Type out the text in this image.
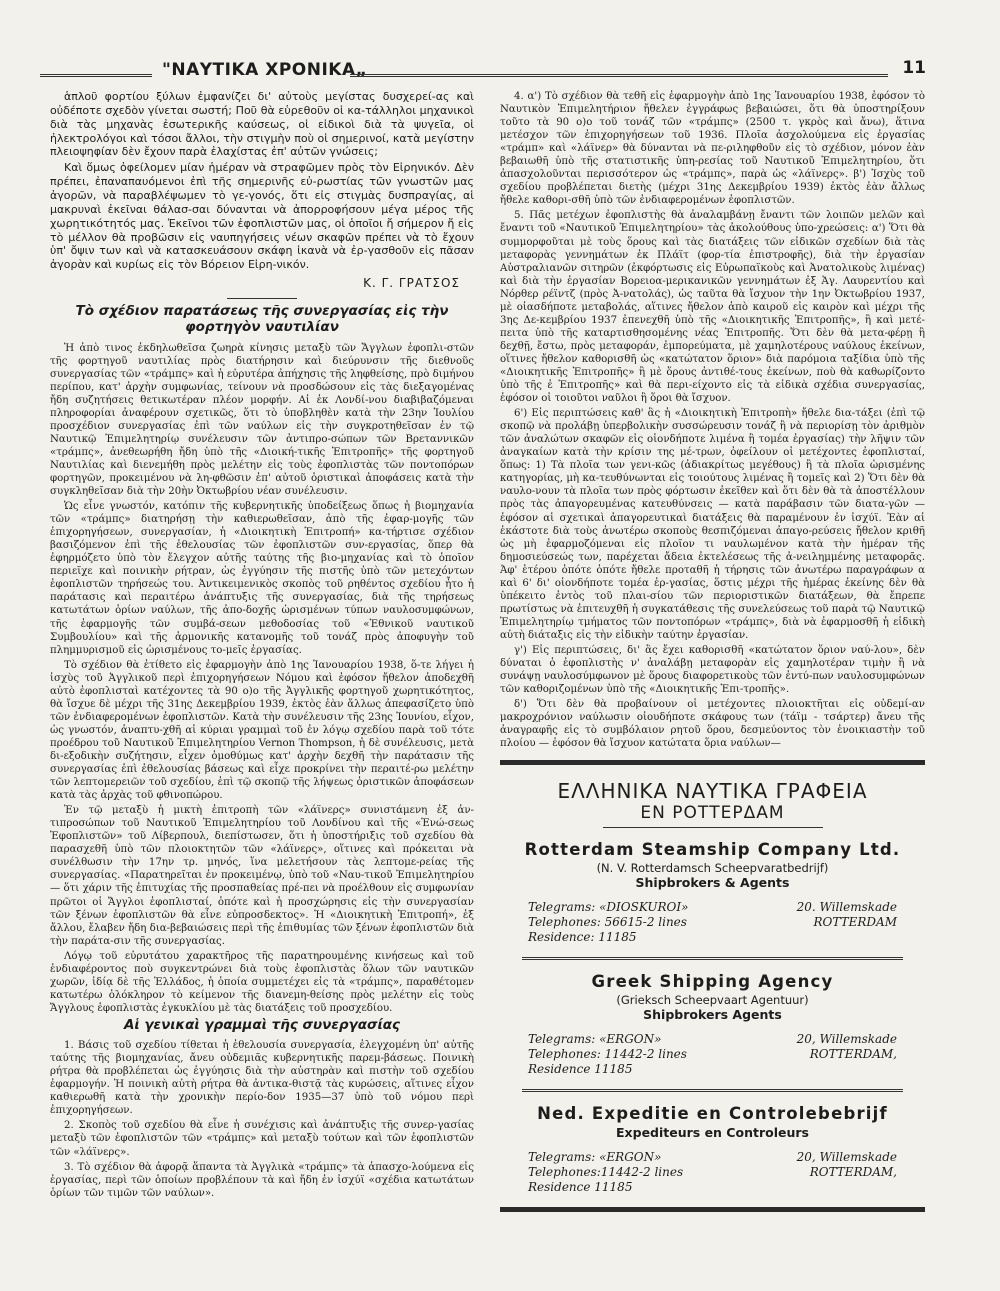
"ΝΑΥΤΙΚΑ ΧΡΟΝΙΚΑ„	11

ἁπλοῦ φορτίου ξύλων ἐμφανίζει δι' αὐτοὺς μεγίστας δυσχερεί-ας καὶ οὐδέποτε σχεδὸν γίνεται σωστή; Ποῦ θὰ εὑρεθοῦν οἱ κα-τάλληλοι μηχανικοὶ διὰ τὰς μηχανὰς ἐσωτερικῆς καύσεως, οἱ εἰδικοὶ διὰ τὰ ψυγεῖα, οἱ ἠλεκτρολόγοι καὶ τόσοι ἄλλοι, τὴν στιγμὴν ποὺ οἱ σημερινοί, κατὰ μεγίστην πλειοψηφίαν δὲν ἔχουν παρὰ ἐλαχίστας ἐπ' αὐτῶν γνώσεις;

Καὶ ὅμως ὀφείλομεν μίαν ἡμέραν νὰ στραφῶμεν πρὸς τὸν Εἰρηνικόν. Δὲν πρέπει, ἐπαναπαυόμενοι ἐπὶ τῆς σημερινῆς εὐ-ρωστίας τῶν γνωστῶν μας ἀγορῶν, νὰ παραβλέψωμεν τὸ γε-γονός, ὅτι εἰς στιγμὰς δυσπραγίας, αἱ μακρυναὶ ἐκεῖναι θάλασ-σαι δύνανται νὰ ἀπορροφήσουν μέγα μέρος τῆς χωρητικότητός μας. Ἐκεῖνοι τῶν ἐφοπλιστῶν μας, οἱ ὁποῖοι ἤ σήμερον ἤ εἰς τὸ μέλλον θὰ προβῶσιν εἰς ναυπηγήσεις νέων σκαφῶν πρέπει νὰ τὸ ἔχουν ὑπ' ὄψιν των καὶ νὰ κατασκευάσουν σκάφη ἱκανὰ νὰ ἐρ-γασθοῦν εἰς πᾶσαν ἀγορὰν καὶ κυρίως εἰς τὸν Βόρειον Εἰρη-νικόν.

Κ. Γ. ΓΡΑΤΣΟΣ
Τὸ σχέδιον παρατάσεως τῆς συνεργασίας εἰς τὴν φορτηγὸν ναυτιλίαν

Ἡ ἀπὸ τινος ἐκδηλωθεῖσα ζωηρὰ κίνησις μεταξὺ τῶν Ἄγγλων ἐφοπλι-στῶν τῆς φορτηγοῦ ναυτιλίας πρὸς διατήρησιν καὶ διεύρυνσιν τῆς διεθνοῦς συνεργασίας τῶν «τράμπς» καὶ ἡ εὐρυτέρα ἀπήχησις τῆς ληφθείσης, πρὸ διμήνου περίπου, κατ' ἀρχὴν συμφωνίας, τείνουν νὰ προσδώσουν εἰς τὰς διεξαγομένας ἤδη συζητήσεις θετικωτέραν πλέον μορφήν. Αἱ ἐκ Λονδί-νου διαβιβαζόμεναι πληροφορίαι ἀναφέρουν σχετικῶς, ὅτι τὸ ὑποβληθὲν κατὰ τὴν 23ην Ἰουλίου προσχέδιον συνεργασίας ἐπὶ τῶν ναύλων εἰς τὴν συγκροτηθεῖσαν ἐν τῷ Ναυτικῷ Ἐπιμελητηρίῳ συνέλευσιν τῶν ἀντιπρο-σώπων τῶν Βρεταννικῶν «τράμπς», ἀνεθεωρήθη ἤδη ὑπὸ τῆς «Διοική-τικῆς Ἐπιτροπῆς» τῆς φορτηγοῦ Ναυτιλίας καὶ διενεμήθη πρὸς μελέτην εἰς τοὺς ἐφοπλιστὰς τῶν ποντοπόρων φορτηγῶν, προκειμένου νὰ λη-φθῶσιν ἐπ' αὐτοῦ ὁριστικαὶ ἀποφάσεις κατὰ τὴν συγκληθεῖσαν διὰ τὴν 20ὴν Ὀκτωβρίου νέαν συνέλευσιν.

Ὡς εἶνε γνωστόν, κατόπιν τῆς κυβερνητικῆς ὑποδείξεως ὅπως ἡ βιομηχανία τῶν «τράμπς» διατηρήσῃ τὴν καθιερωθεῖσαν, ἀπὸ τῆς ἐφαρ-μογῆς τῶν ἐπιχορηγήσεων, συνεργασίαν, ἡ «Διοικητικὴ Ἐπιτροπή» κα-τήρτισε σχέδιον βασιζόμενον ἐπὶ τῆς ἐθελουσίας τῶν ἐφοπλιστῶν συν-εργασίας, ὅπερ θὰ ἐφηρμόζετο ὑπὸ τὸν ἔλεγχον αὐτῆς ταύτης τῆς βιο-μηχανίας καὶ τὸ ὁποῖον περιεῖχε καὶ ποινικὴν ρήτραν, ὡς ἐγγύησιν τῆς πιστῆς ὑπὸ τῶν μετεχόντων ἐφοπλιστῶν τηρήσεώς του. Ἀντικειμενικὸς σκοπὸς τοῦ ρηθέντος σχεδίου ἦτο ἡ παράτασις καὶ περαιτέρω ἀνάπτυξις τῆς συνεργασίας, διὰ τῆς τηρήσεως κατωτάτων ὁρίων ναύλων, τῆς ἀπο-δοχῆς ὡρισμένων τύπων ναυλοσυμφώνων, τῆς ἐφαρμογῆς τῶν συμβά-σεων μεθοδοσίας τοῦ «Ἐθνικοῦ ναυτικοῦ Συμβουλίου» καὶ τῆς ἁρμονικῆς κατανομῆς τοῦ τονάζ πρὸς ἀποφυγὴν τοῦ πλημμυρισμοῦ εἰς ὡρισμένους το-μεῖς ἐργασίας.

Τὸ σχέδιον θὰ ἐτίθετο εἰς ἐφαρμογὴν ἀπὸ 1ης Ἰανουαρίου 1938, ὅ-τε λήγει ἡ ἰσχὺς τοῦ Ἀγγλικοῦ περὶ ἐπιχορηγήσεων Νόμου καὶ ἐφόσον ἤθελον ἀποδεχθῆ αὐτὸ ἐφοπλισταὶ κατέχοντες τὰ 90 ο)ο τῆς Ἀγγλικῆς φορτηγοῦ χωρητικότητος, θὰ ἴσχυε δὲ μέχρι τῆς 31ης Δεκεμβρίου 1939, ἐκτὸς ἐὰν ἄλλως ἀπεφασίζετο ὑπὸ τῶν ἐνδιαφερομένων ἐφοπλιστῶν. Κατὰ τὴν συνέλευσιν τῆς 23ης Ἰουνίου, εἶχον, ὡς γνωστόν, ἀναπτυ-χθῆ αἱ κύριαι γραμμαὶ τοῦ ἐν λόγῳ σχεδίου παρὰ τοῦ τότε προέδρου τοῦ Ναυτικοῦ Ἐπιμελητηρίου Vernon Thompson, ἡ δὲ συνέλευσις, μετὰ δι-εξοδικὴν συζήτησιν, εἶχεν ὁμοθύμως κατ' ἀρχὴν δεχθῆ τὴν παράτασιν τῆς συνεργασίας ἐπὶ ἐθελουσίας βάσεως καὶ εἶχε προκρίνει τὴν περαιτέ-ρω μελέτην τῶν λεπτομερειῶν τοῦ σχεδίου, ἐπὶ τῷ σκοπῷ τῆς λήψεως ὁριστικῶν ἀποφάσεων κατὰ τὰς ἀρχὰς τοῦ φθινοπώρου.

Ἐν τῷ μεταξὺ ἡ μικτὴ ἐπιτροπὴ τῶν «λάϊνερς» συνιστάμενη ἐξ ἀν-τιπροσώπων τοῦ Ναυτικοῦ Ἐπιμελητηρίου τοῦ Λονδίνου καὶ τῆς «Ἑνώ-σεως Ἐφοπλιστῶν» τοῦ Λίβερπουλ, διεπίστωσεν, ὅτι ἡ ὑποστήριξις τοῦ σχεδίου θὰ παρασχεθῆ ὑπὸ τῶν πλοιοκτητῶν τῶν «λάϊνερς», οἵτινες καὶ πρόκειται νὰ συνέλθωσιν τὴν 17ην τρ. μηνός, ἵνα μελετήσουν τὰς λεπτομε-ρείας τῆς συνεργασίας. «Παρατηρεῖται ἐν προκειμένῳ, ὑπὸ τοῦ «Ναυ-τικοῦ Ἐπιμελητηρίου — ὅτι χάριν τῆς ἐπιτυχίας τῆς προσπαθείας πρέ-πει νὰ προέλθουν εἰς συμφωνίαν πρῶτοι οἱ Ἄγγλοι ἐφοπλισταί, ὁπότε καὶ ἡ προσχώρησις εἰς τὴν συνεργασίαν τῶν ξένων ἐφοπλιστῶν θὰ εἶνε εὐπροσδεκτος». Ἡ «Διοικητικὴ Ἐπιτροπή», ἐξ ἄλλου, ἔλαβεν ἤδη δια-βεβαιώσεις περὶ τῆς ἐπιθυμίας τῶν ξένων ἐφοπλιστῶν διὰ τὴν παράτα-σιν τῆς συνεργασίας.

Λόγῳ τοῦ εὐρυτάτου χαρακτῆρος τῆς παρατηρουμένης κινήσεως καὶ τοῦ ἐνδιαφέροντος ποὺ συγκεντρώνει διὰ τοὺς ἐφοπλιστὰς ὅλων τῶν ναυτικῶν χωρῶν, ἰδίᾳ δὲ τῆς Ἑλλάδος, ἡ ὁποία συμμετέχει εἰς τὰ «τράμπς», παραθέτομεν κατωτέρω ὁλόκληρον τὸ κείμενον τῆς διανεμη-θείσης πρὸς μελέτην εἰς τοὺς Ἄγγλους ἐφοπλιστὰς ἐγκυκλίου μὲ τὰς διατάξεις τοῦ προσχεδίου.

Αἱ γενικαὶ γραμμαὶ τῆς συνεργασίας

1. Βάσις τοῦ σχεδίου τίθεται ἡ ἐθελουσία συνεργασία, ἐλεγχομένη ὑπ' αὐτῆς ταύτης τῆς βιομηχανίας, ἄνευ οὐδεμιᾶς κυβερνητικῆς παρεμ-βάσεως. Ποινικὴ ρήτρα θὰ προβλέπεται ὡς ἐγγύησις διὰ τὴν αὐστηρὰν καὶ πιστὴν τοῦ σχεδίου ἐφαρμογήν. Ἡ ποινικὴ αὐτὴ ρήτρα θὰ ἀντικα-θιστᾷ τὰς κυρώσεις, αἵτινες εἶχον καθιερωθῆ κατὰ τὴν χρονικὴν περίο-δον 1935—37 ὑπὸ τοῦ νόμου περὶ ἐπιχορηγήσεων.

2. Σκοπὸς τοῦ σχεδίου θὰ εἶνε ἡ συνέχισις καὶ ἀνάπτυξις τῆς συνερ-γασίας μεταξὺ τῶν ἐφοπλιστῶν τῶν «τράμπς» καὶ μεταξὺ τούτων καὶ τῶν ἐφοπλιστῶν τῶν «λάϊνερς».

3. Τὸ σχέδιον θὰ ἀφορᾷ ἅπαντα τὰ Ἀγγλικὰ «τράμπς» τὰ ἀπασχο-λούμενα εἰς ἐργασίας, περὶ τῶν ὁποίων προβλέπουν τὰ καὶ ἤδη ἐν ἰσχύϊ «σχέδια κατωτάτων ὁρίων τῶν τιμῶν τῶν ναύλων».

4. α') Τὸ σχέδιον θὰ τεθῆ εἰς ἐφαρμογὴν ἀπὸ 1ης Ἰανουαρίου 1938, ἐφόσον τὸ Ναυτικὸν Ἐπιμελητήριον ἤθελεν ἐγγράφως βεβαιώσει, ὅτι θὰ ὑποστηρίξουν τοῦτο τὰ 90 ο)ο τοῦ τονάζ τῶν «τράμπς» (2500 τ. γκρὸς καὶ ἄνω), ἅτινα μετέσχον τῶν ἐπιχορηγήσεων τοῦ 1936. Πλοῖα ἀσχολούμενα εἰς ἐργασίας «τράμπ» καὶ «λάϊνερ» θὰ δύνανται νὰ πε-ριληφθοῦν εἰς τὸ σχέδιον, μόνον ἐὰν βεβαιωθῆ ὑπὸ τῆς στατιστικῆς ὑπη-ρεσίας τοῦ Ναυτικοῦ Ἐπιμελητηρίου, ὅτι ἀπασχολοῦνται περισσότερον ὡς «τράμπς», παρὰ ὡς «λάϊνερς». β') Ἰσχὺς τοῦ σχεδίου προβλέπεται διετὴς (μέχρι 31ης Δεκεμβρίου 1939) ἐκτὸς ἐὰν ἄλλως ἤθελε καθορι-σθῆ ὑπὸ τῶν ἐνδιαφερομένων ἐφοπλιστῶν.

5. Πᾶς μετέχων ἐφοπλιστὴς θὰ ἀναλαμβάνῃ ἔναντι τῶν λοιπῶν μελῶν καὶ ἔναντι τοῦ «Ναυτικοῦ Ἐπιμελητηρίου» τὰς ἀκολούθους ὑπο-χρεώσεις: α') Ὅτι θὰ συμμορφοῦται μὲ τοὺς ὅρους καὶ τὰς διατάξεις τῶν εἰδικῶν σχεδίων διὰ τὰς μεταφορὰς γεννημάτων ἐκ Πλάϊτ (φορ-τία ἐπιστροφῆς), διὰ τὴν ἐργασίαν Αὐστραλιανῶν σιτηρῶν (ἐκφόρτωσις εἰς Εὐρωπαϊκοὺς καὶ Ἀνατολικοὺς λιμένας) καὶ διὰ τὴν ἐργασίαν Βορειοα-μερικανικῶν γεννημάτων ἐξ Ἁγ. Λαυρεντίου καὶ Νόρθερ ρέϊντζ (πρὸς Ἀ-νατολάς), ὡς ταῦτα θὰ ἴσχυον τὴν 1ην Ὀκτωβρίου 1937, μὲ οἱασδήποτε μεταβολάς, αἵτινες ἤθελον ἀπὸ καιροῦ εἰς καιρὸν καὶ μέχρι τῆς 3ης Δε-κεμβρίου 1937 ἐπενεχθῆ ὑπὸ τῆς «Διοικητικῆς Ἐπιτροπῆς», ἢ καὶ μετέ-πειτα ὑπὸ τῆς καταρτισθησομένης νέας Ἐπιτροπῆς. Ὅτι δὲν θὰ μετα-φέρῃ ἢ δεχθῇ, ἔστω, πρὸς μεταφοράν, ἐμπορεύματα, μὲ χαμηλοτέρους ναύλους ἐκείνων, οἵτινες ἤθελον καθορισθῆ ὡς «κατώτατον ὅριον» διὰ παρόμοια ταξίδια ὑπὸ τῆς «Διοικητικῆς Ἐπιτροπῆς» ἢ μὲ ὅρους ἀντιθέ-τους ἐκείνων, ποὺ θὰ καθωρίζοντο ὑπὸ τῆς ἐ Ἐπιτροπῆς» καὶ θὰ περι-είχοντο εἰς τὰ εἰδικὰ σχέδια συνεργασίας, ἐφόσον οἱ τοιοῦτοι ναῦλοι ἢ ὅροι θὰ ἴσχυον.

6') Εἰς περιπτώσεις καθ' ἃς ἡ «Διοικητικὴ Ἐπιτροπὴ» ἤθελε δια-τάξει (ἐπὶ τῷ σκοπῷ νὰ προλάβῃ ὑπερβολικὴν συσσώρευσιν τονάζ ἢ νὰ περιορίσῃ τὸν ἀριθμὸν τῶν ἀναλώτων σκαφῶν εἰς οἱονδήποτε λιμένα ἢ τομέα ἐργασίας) τὴν λῆψιν τῶν ἀναγκαίων κατὰ τὴν κρίσιν της μέ-τρων, ὀφείλουν οἱ μετέχοντες ἐφοπλισταί, ὅπως: 1) Τὰ πλοῖα των γενι-κῶς (ἀδιακρίτως μεγέθους) ἢ τὰ πλοῖα ὡρισμένης κατηγορίας, μὴ κα-τευθύνωνται εἰς τοιούτους λιμένας ἢ τομεῖς καὶ 2) Ὅτι δὲν θὰ ναυλο-νουν τὰ πλοῖα των πρὸς φόρτωσιν ἐκεῖθεν καὶ ὅτι δὲν θὰ τὰ ἀποστέλλουν πρὸς τὰς ἀπαγορευμένας κατευθύνσεις — κατὰ παράβασιν τῶν διατα-γῶν — ἐφόσον αἱ σχετικαὶ ἀπαγορευτικαὶ διατάξεις θὰ παραμένουν ἐν ἰσχύϊ. Ἐὰν αἱ ἑκάστοτε διὰ τοὺς ἀνωτέρω σκοποὺς θεσπιζόμεναι ἀπαγο-ρεύσεις ἤθελον κριθῆ ὡς μὴ ἐφαρμοζόμεναι εἰς πλοῖον τι ναυλωμένον κατὰ τὴν ἡμέραν τῆς δημοσιεύσεώς των, παρέχεται ἄδεια ἐκτελέσεως τῆς ἀ-νειλημμένης μεταφορᾶς. Ἀφ' ἑτέρου ὁπότε ὁπότε ἤθελε προταθῆ ἡ τήρησις τῶν ἀνωτέρω παραγράφων α καὶ 6' δι' οἱονδήποτε τομέα ἐρ-γασίας, ὅστις μέχρι τῆς ἡμέρας ἐκείνης δὲν θὰ ὑπέκειτο ἐντὸς τοῦ πλαι-σίου τῶν περιοριστικῶν διατάξεων, θὰ ἔπρεπε πρωτίστως νὰ ἐπιτευχθῆ ἡ συγκατάθεσις τῆς συνελεύσεως τοῦ παρὰ τῷ Ναυτικῷ Ἐπιμελητηρίῳ τμήματος τῶν ποντοπόρων «τράμπς», διὰ νὰ ἐφαρμοσθῆ ἡ εἰδικὴ αὐτὴ διάταξις εἰς τὴν εἰδικὴν ταύτην ἐργασίαν.

γ') Εἰς περιπτώσεις, δι' ἃς ἔχει καθορισθῆ «κατώτατον ὅριον ναύ-λου», δὲν δύναται ὁ ἐφοπλιστὴς ν' ἀναλάβῃ μεταφορὰν εἰς χαμηλοτέραν τιμὴν ἢ νὰ συνάψῃ ναυλοσύμφωνον μὲ ὅρους διαφορετικοὺς τῶν ἐντύ-πων ναυλοσυμφώνων τῶν καθοριζομένων ὑπὸ τῆς «Διοικητικῆς Ἐπι-τροπῆς».

δ') Ὅτι δὲν θὰ προβαίνουν οἱ μετέχοντες πλοιοκτῆται εἰς οὐδεμί-αν μακροχρόνιον ναύλωσιν οἱουδήποτε σκάφους των (τάϊμ - τσάρτερ) ἄνευ τῆς ἀναγραφῆς εἰς τὸ συμβόλαιον ρητοῦ ὅρου, δεσμεύοντος τὸν ἐνοικιαστὴν τοῦ πλοίου — ἐφόσον θὰ ἴσχυον κατώτατα ὅρια ναύλων—

ΕΛΛΗΝΙΚΑ ΝΑΥΤΙΚΑ ΓΡΑΦΕΙΑ
ΕΝ ΡΟΤΤΕΡΔΑΜ
Rotterdam Steamship Company Ltd.
(N. V. Rotterdamsch Scheepvaratbedrijf)
Shipbrokers & Agents
Telegrams: «DIOSKUROI»
Telephones: 56615-2 lines
Residence: 11185
20. Willemskade
ROTTERDAM
Greek Shipping Agency
(Grieksch Scheepvaart Agentuur)
Shipbrokers Agents
Telegrams: «ERGON»
Telephones: 11442-2 lines
Residence 11185
20, Willemskade
ROTTERDAM,
Ned. Expeditie en Controlebebrijf
Expediteurs en Controleurs
Telegrams: «ERGON»
Telephones:11442-2 lines
Residence 11185
20, Willemskade
ROTTERDAM,
